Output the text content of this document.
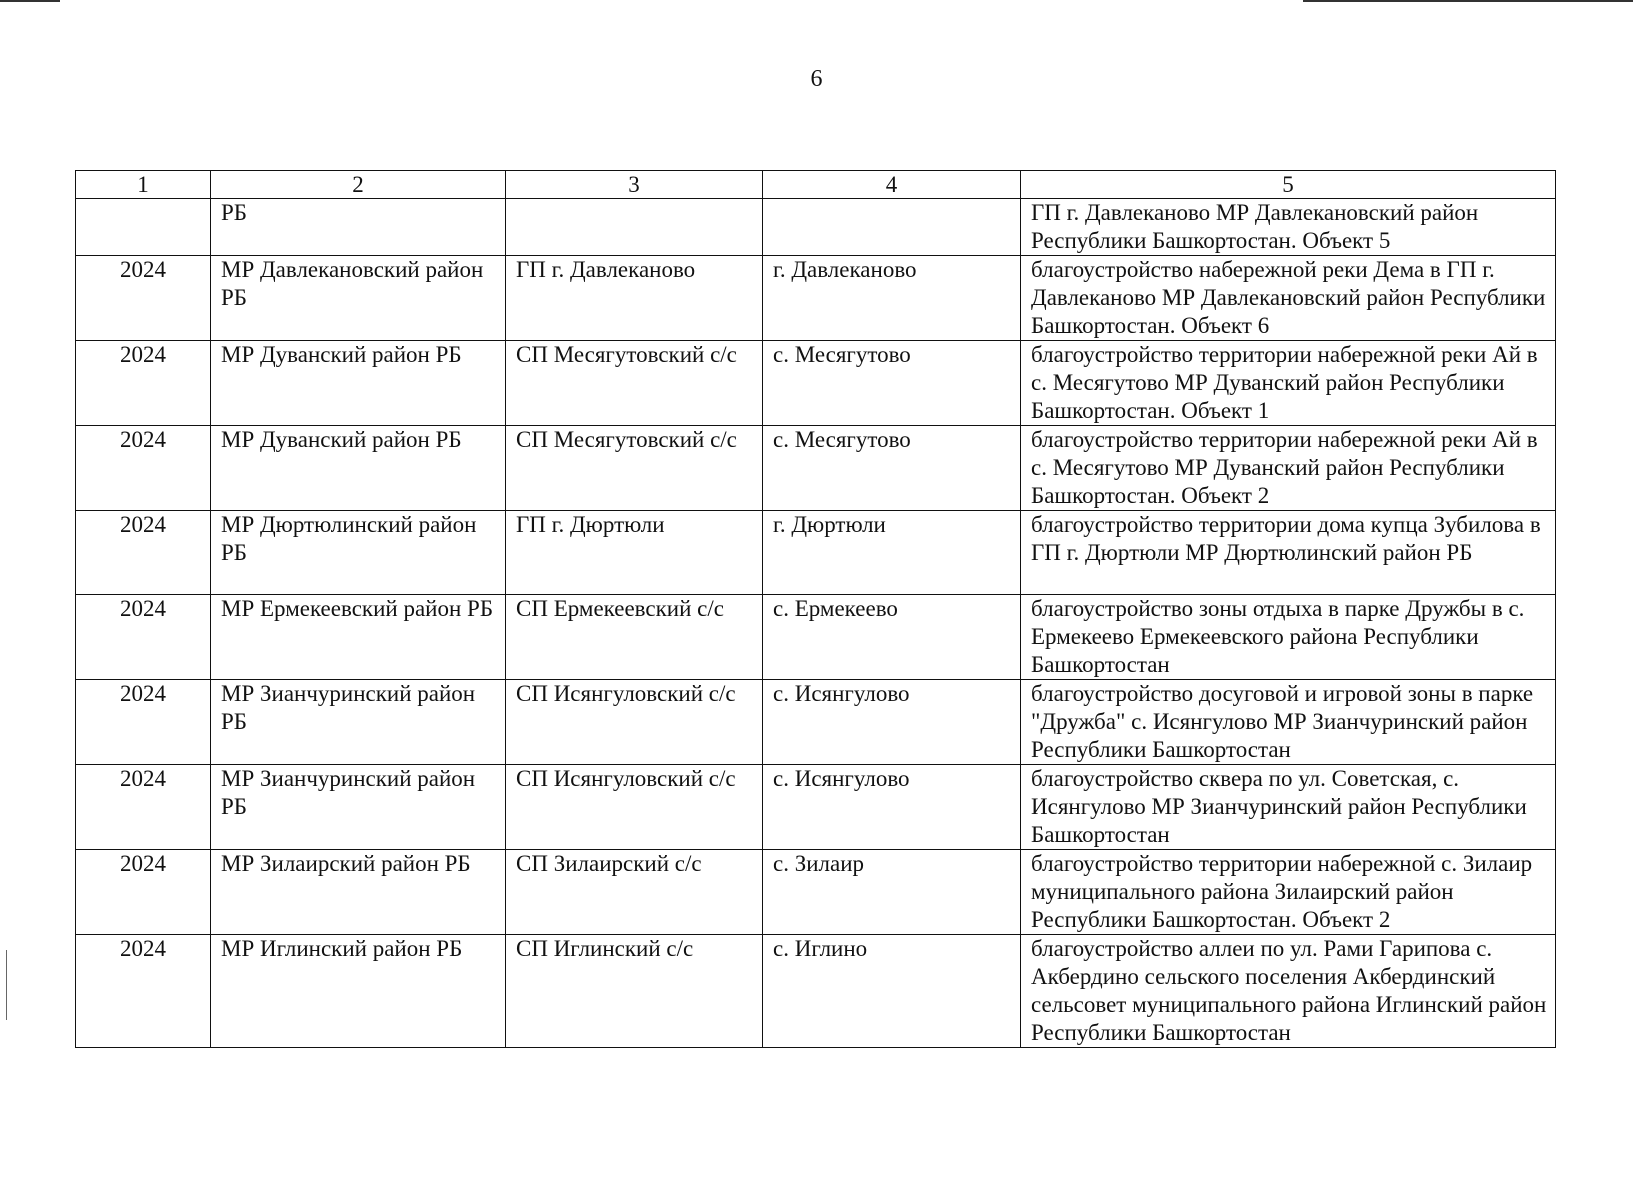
6
1	2	3	4	5
	РБ			ГП г. Давлеканово МР Давлекановский район Республики Башкортостан. Объект 5
2024	МР Давлекановский район РБ	ГП г. Давлеканово	г. Давлеканово	благоустройство набережной реки Дема в ГП г. Давлеканово МР Давлекановский район Республики Башкортостан. Объект 6
2024	МР Дуванский район РБ	СП Месягутовский с/с	с. Месягутово	благоустройство территории набережной реки Ай в с. Месягутово МР Дуванский район Республики Башкортостан. Объект 1
2024	МР Дуванский район РБ	СП Месягутовский с/с	с. Месягутово	благоустройство территории набережной реки Ай в с. Месягутово МР Дуванский район Республики Башкортостан. Объект 2
2024	МР Дюртюлинский район РБ	ГП г. Дюртюли	г. Дюртюли	благоустройство территории дома купца Зубилова в ГП г. Дюртюли МР Дюртюлинский район РБ
2024	МР Ермекеевский район РБ	СП Ермекеевский с/с	с. Ермекеево	благоустройство зоны отдыха в парке Дружбы в с. Ермекеево Ермекеевского района Республики Башкортостан
2024	МР Зианчуринский район РБ	СП Исянгуловский с/с	с. Исянгулово	благоустройство досуговой и игровой зоны в парке "Дружба" с. Исянгулово МР Зианчуринский район Республики Башкортостан
2024	МР Зианчуринский район РБ	СП Исянгуловский с/с	с. Исянгулово	благоустройство сквера по ул. Советская, с. Исянгулово МР Зианчуринский район Республики Башкортостан
2024	МР Зилаирский район РБ	СП Зилаирский с/с	с. Зилаир	благоустройство территории набережной с. Зилаир муниципального района Зилаирский район Республики Башкортостан. Объект 2
2024	МР Иглинский район РБ	СП Иглинский с/с	с. Иглино	благоустройство аллеи по ул. Рами Гарипова с. Акбердино сельского поселения Акбердинский сельсовет муниципального района Иглинский район Республики Башкортостан
